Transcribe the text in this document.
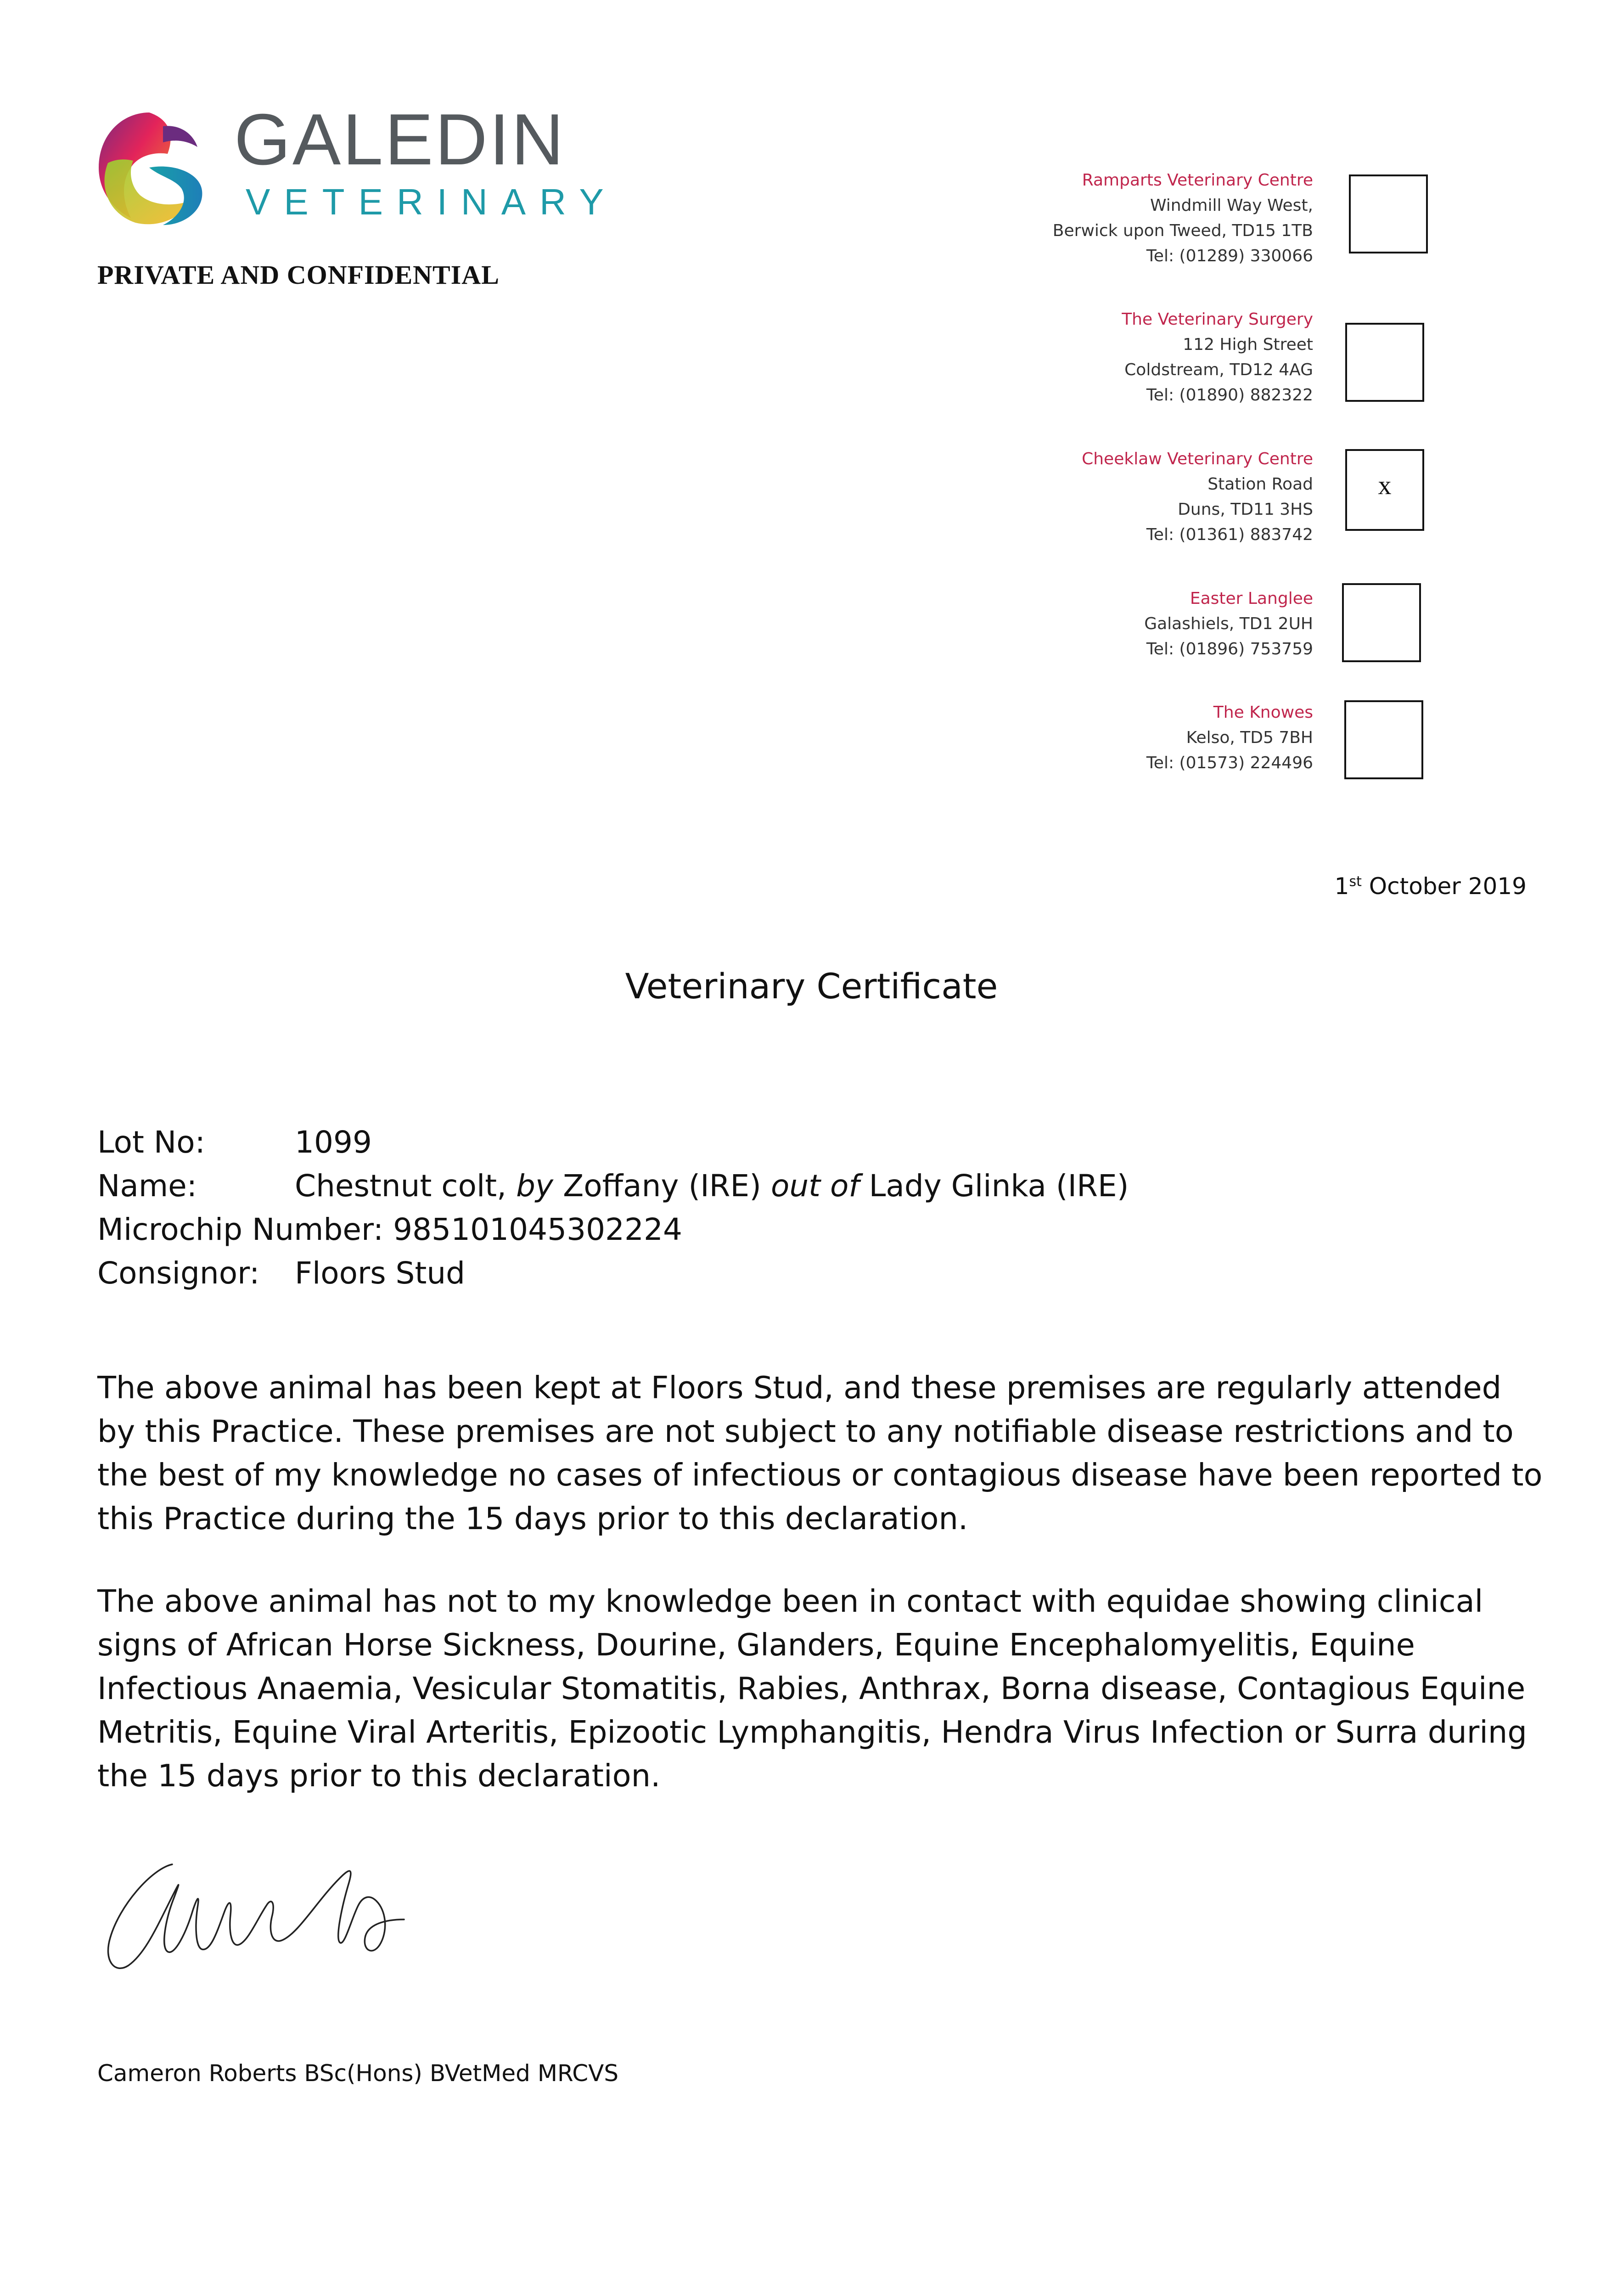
GALEDIN
VETERINARY
PRIVATE AND CONFIDENTIAL
Ramparts Veterinary Centre
Windmill Way West,
Berwick upon Tweed, TD15 1TB
Tel: (01289) 330066
The Veterinary Surgery
112 High Street
Coldstream, TD12 4AG
Tel: (01890) 882322
Cheeklaw Veterinary Centre
Station Road
Duns, TD11 3HS
Tel: (01361) 883742
x
Easter Langlee
Galashiels, TD1 2UH
Tel: (01896) 753759
The Knowes
Kelso, TD5 7BH
Tel: (01573) 224496
1st October 2019
Veterinary Certificate
Lot No:	1099
Name:	Chestnut colt, by Zoffany (IRE) out of Lady Glinka (IRE)
Microchip Number: 985101045302224
Consignor: Floors Stud
The above animal has been kept at Floors Stud, and these premises are regularly attended by this Practice. These premises are not subject to any notifiable disease restrictions and to the best of my knowledge no cases of infectious or contagious disease have been reported to this Practice during the 15 days prior to this declaration.
The above animal has not to my knowledge been in contact with equidae showing clinical signs of African Horse Sickness, Dourine, Glanders, Equine Encephalomyelitis, Equine Infectious Anaemia, Vesicular Stomatitis, Rabies, Anthrax, Borna disease, Contagious Equine Metritis, Equine Viral Arteritis, Epizootic Lymphangitis, Hendra Virus Infection or Surra during the 15 days prior to this declaration.
Cameron Roberts BSc(Hons) BVetMed MRCVS
